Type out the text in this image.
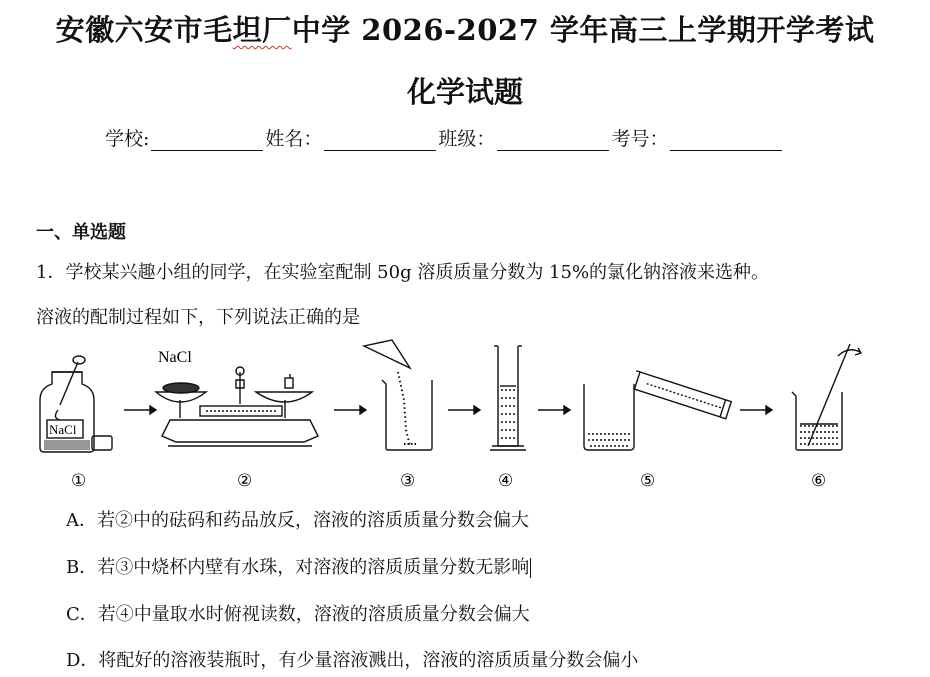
安徽六安市毛坦厂中学 2026-2027 学年高三上学期开学考试
化学试题
学校:	姓名：	班级：	考号：
一、单选题
1．学校某兴趣小组的同学，在实验室配制 50g 溶质质量分数为 15%的氯化钠溶液来选种。
溶液的配制过程如下，下列说法正确的是
NaCl
NaCl
①	②	③	④	⑤	⑥
A．若②中的砝码和药品放反，溶液的溶质质量分数会偏大
B．若③中烧杯内壁有水珠，对溶液的溶质质量分数无影响
C．若④中量取水时俯视读数，溶液的溶质质量分数会偏大
D．将配好的溶液装瓶时，有少量溶液溅出，溶液的溶质质量分数会偏小
